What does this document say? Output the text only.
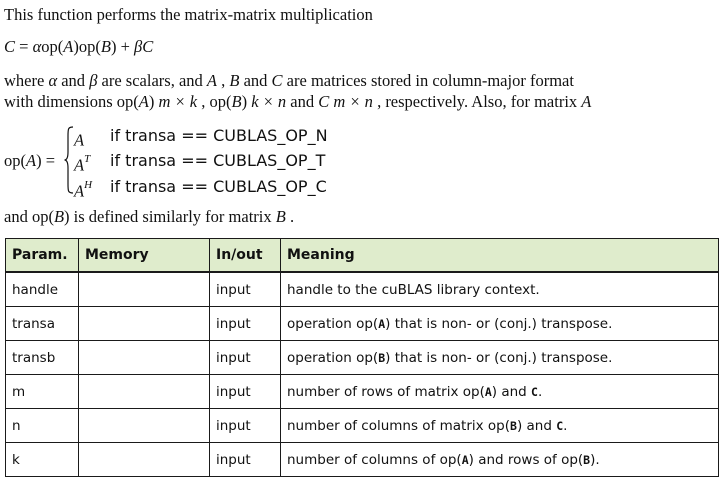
This function performs the matrix-matrix multiplication
C = αop(A)op(B) + βC
where α and β are scalars, and A , B and C are matrices stored in column-major format
with dimensions op(A) m × k , op(B) k × n and C m × n , respectively. Also, for matrix A
op(A) =
A if transa == CUBLAS_OP_N
$A^T$ if transa == CUBLAS_OP_T
$A^H$ if transa == CUBLAS_OP_C
and op(B) is defined similarly for matrix B .
Param.	Memory	In/out	Meaning
handle		input	handle to the cuBLAS library context.
transa		input	operation op(A) that is non- or (conj.) transpose.
transb		input	operation op(B) that is non- or (conj.) transpose.
m		input	number of rows of matrix op(A) and C.
n		input	number of columns of matrix op(B) and C.
k		input	number of columns of op(A) and rows of op(B).
